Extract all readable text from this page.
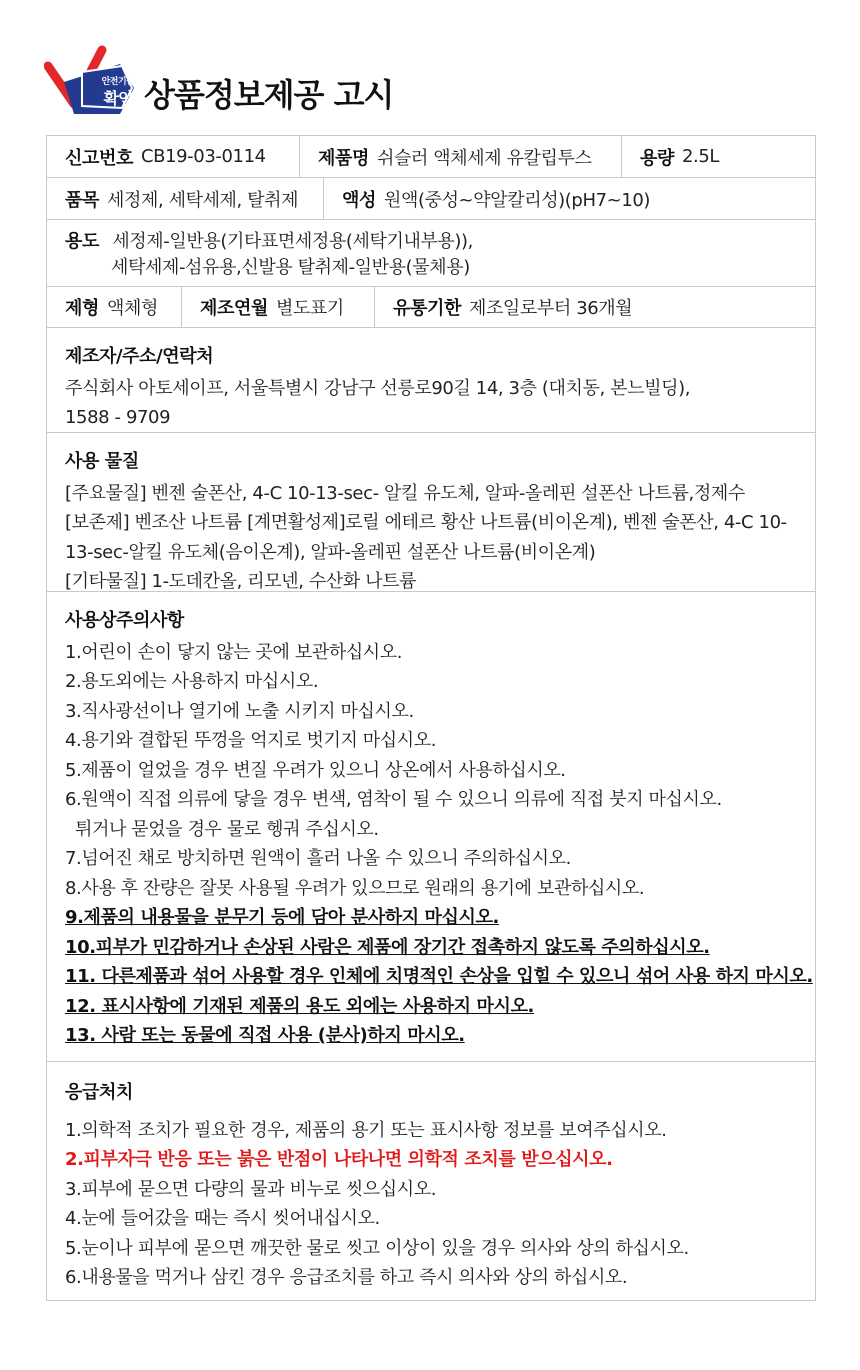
안전기준
확인 상품정보제공 고시
신고번호 CB19-03-0114	제품명 쉬슬러 액체세제 유칼립투스	용량 2.5L
품목 세정제, 세탁세제, 탈취제 액성 원액(중성~약알칼리성)(pH7~10)
용도 세정제-일반용(기타표면세정용(세탁기내부용)),
세탁세제-섬유용,신발용 탈취제-일반용(물체용)
제형 액체형 제조연월 별도표기	유통기한 제조일로부터 36개월
제조자/주소/연락처
주식회사 아토세이프, 서울특별시 강남구 선릉로90길 14, 3층 (대치동, 본느빌딩),
1588 - 9709
사용 물질
[주요물질] 벤젠 술폰산, 4-C 10-13-sec- 알킬 유도체, 알파-올레핀 설폰산 나트륨,정제수
[보존제] 벤조산 나트륨 [계면활성제]로릴 에테르 황산 나트륨(비이온계), 벤젠 술폰산, 4-C 10-
13-sec-알킬 유도체(음이온계), 알파-올레핀 설폰산 나트륨(비이온계)
[기타물질] 1-도데칸올, 리모넨, 수산화 나트륨
사용상주의사항
1.어린이 손이 닿지 않는 곳에 보관하십시오.
2.용도외에는 사용하지 마십시오.
3.직사광선이나 열기에 노출 시키지 마십시오.
4.용기와 결합된 뚜껑을 억지로 벗기지 마십시오.
5.제품이 얼었을 경우 변질 우려가 있으니 상온에서 사용하십시오.
6.원액이 직접 의류에 닿을 경우 변색, 염착이 될 수 있으니 의류에 직접 붓지 마십시오.
튀거나 묻었을 경우 물로 헹궈 주십시오.
7.넘어진 채로 방치하면 원액이 흘러 나올 수 있으니 주의하십시오.
8.사용 후 잔량은 잘못 사용될 우려가 있으므로 원래의 용기에 보관하십시오.
9.제품의 내용물을 분무기 등에 담아 분사하지 마십시오.
10.피부가 민감하거나 손상된 사람은 제품에 장기간 접촉하지 않도록 주의하십시오.
11. 다른제품과 섞어 사용할 경우 인체에 치명적인 손상을 입힐 수 있으니 섞어 사용 하지 마시오.
12. 표시사항에 기재된 제품의 용도 외에는 사용하지 마시오.
13. 사람 또는 동물에 직접 사용 (분사)하지 마시오.
응급처치
1.의학적 조치가 필요한 경우, 제품의 용기 또는 표시사항 정보를 보여주십시오.
2.피부자극 반응 또는 붉은 반점이 나타나면 의학적 조치를 받으십시오.
3.피부에 묻으면 다량의 물과 비누로 씻으십시오.
4.눈에 들어갔을 때는 즉시 씻어내십시오.
5.눈이나 피부에 묻으면 깨끗한 물로 씻고 이상이 있을 경우 의사와 상의 하십시오.
6.내용물을 먹거나 삼킨 경우 응급조치를 하고 즉시 의사와 상의 하십시오.
